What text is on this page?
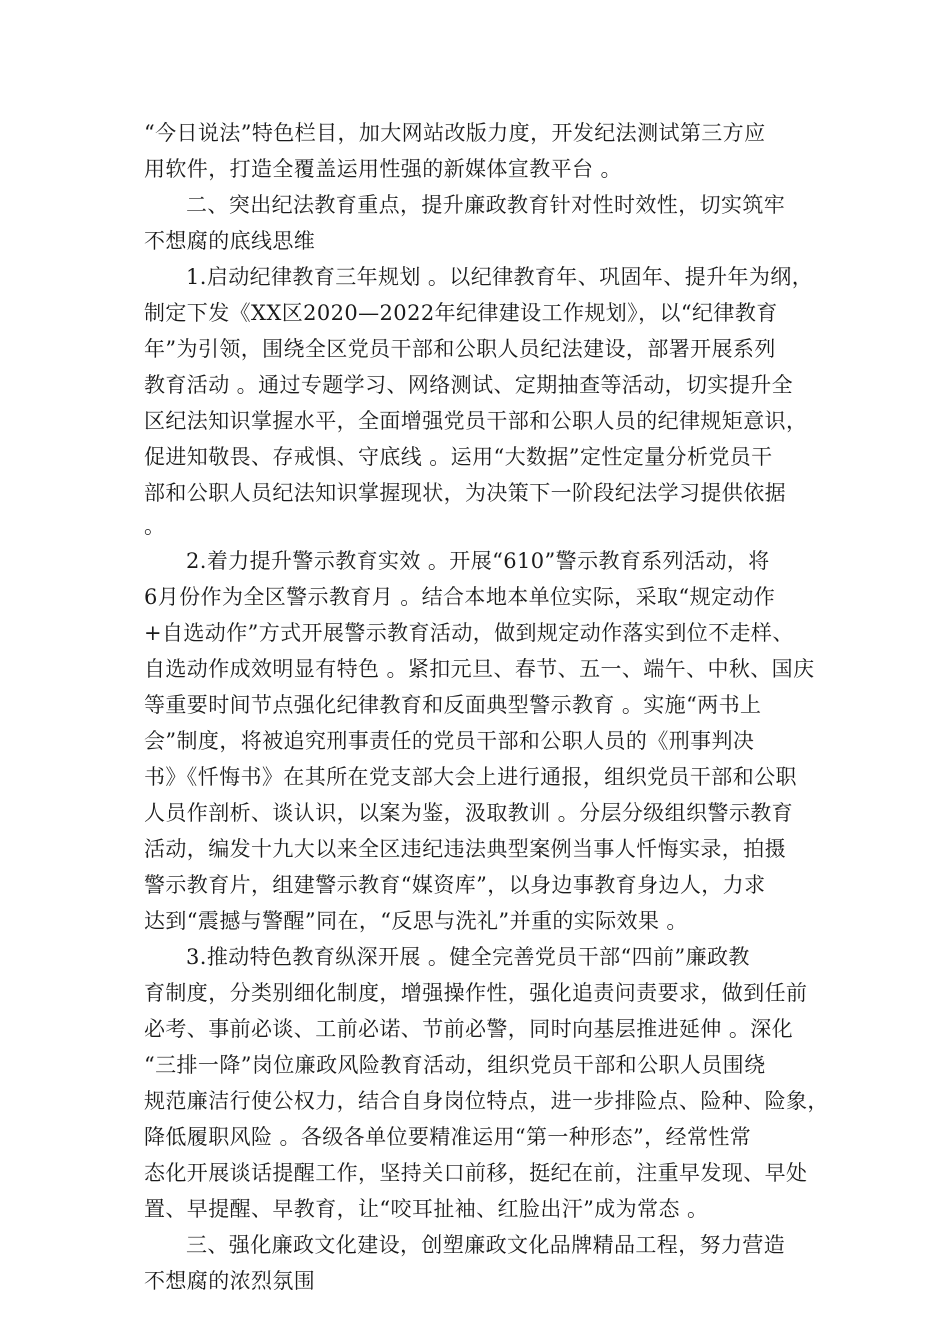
“今日说法”特色栏目，加大网站改版力度，开发纪法测试第三方应
用软件，打造全覆盖运用性强的新媒体宣教平台 。
二、突出纪法教育重点，提升廉政教育针对性时效性，切实筑牢
不想腐的底线思维
1.启动纪律教育三年规划 。以纪律教育年、巩固年、提升年为纲，
制定下发《XX区2020—2022年纪律建设工作规划》，以“纪律教育
年”为引领，围绕全区党员干部和公职人员纪法建设，部署开展系列
教育活动 。通过专题学习、网络测试、定期抽查等活动，切实提升全
区纪法知识掌握水平，全面增强党员干部和公职人员的纪律规矩意识，
促进知敬畏、存戒惧、守底线 。运用“大数据”定性定量分析党员干
部和公职人员纪法知识掌握现状，为决策下一阶段纪法学习提供依据
。
2.着力提升警示教育实效 。开展“610”警示教育系列活动，将
6月份作为全区警示教育月 。结合本地本单位实际，采取“规定动作
+自选动作”方式开展警示教育活动，做到规定动作落实到位不走样、
自选动作成效明显有特色 。紧扣元旦、春节、五一、端午、中秋、国庆
等重要时间节点强化纪律教育和反面典型警示教育 。实施“两书上
会”制度，将被追究刑事责任的党员干部和公职人员的《刑事判决
书》《忏悔书》在其所在党支部大会上进行通报，组织党员干部和公职
人员作剖析、谈认识，以案为鉴，汲取教训 。分层分级组织警示教育
活动，编发十九大以来全区违纪违法典型案例当事人忏悔实录，拍摄
警示教育片，组建警示教育“媒资库”，以身边事教育身边人，力求
达到“震撼与警醒”同在，“反思与洗礼”并重的实际效果 。
3.推动特色教育纵深开展 。健全完善党员干部“四前”廉政教
育制度，分类别细化制度，增强操作性，强化追责问责要求，做到任前
必考、事前必谈、工前必诺、节前必警，同时向基层推进延伸 。深化
“三排一降”岗位廉政风险教育活动，组织党员干部和公职人员围绕
规范廉洁行使公权力，结合自身岗位特点，进一步排险点、险种、险象，
降低履职风险 。各级各单位要精准运用“第一种形态”，经常性常
态化开展谈话提醒工作，坚持关口前移，挺纪在前，注重早发现、早处
置、早提醒、早教育，让“咬耳扯袖、红脸出汗”成为常态 。
三、强化廉政文化建设，创塑廉政文化品牌精品工程，努力营造
不想腐的浓烈氛围
